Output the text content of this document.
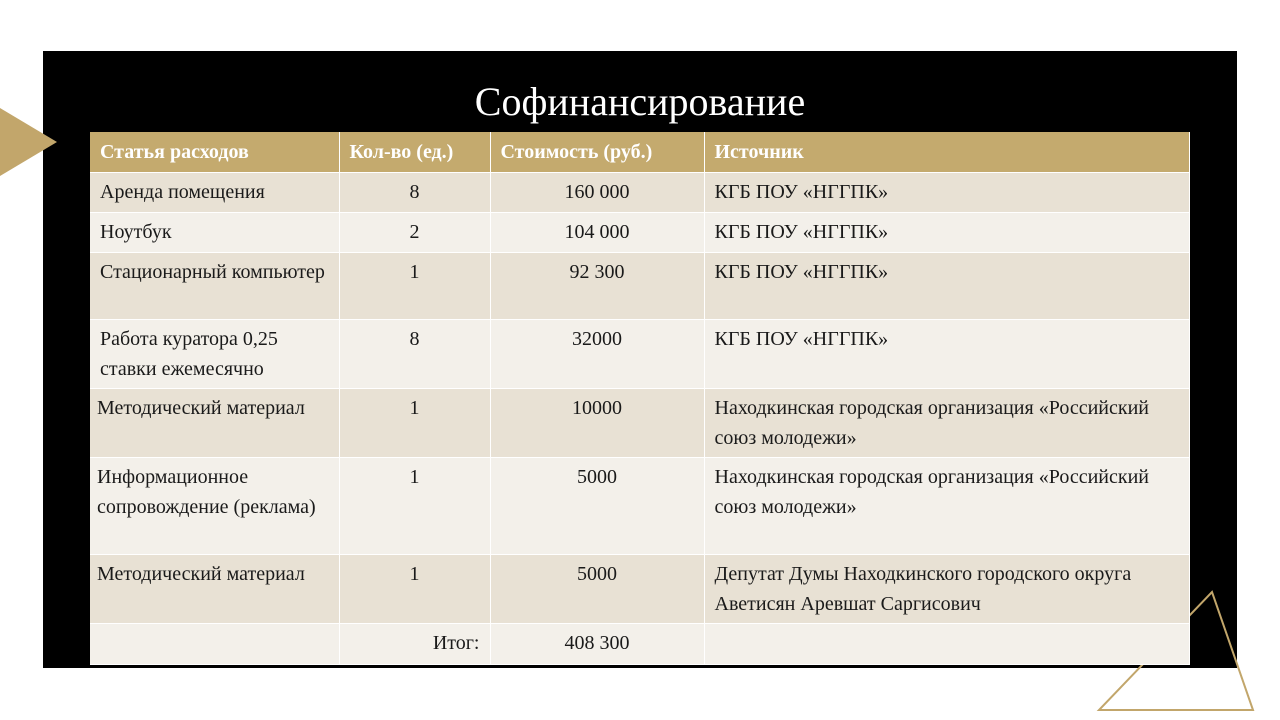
Софинансирование
Статья расходов	Кол-во (ед.)	Стоимость (руб.)	Источник
Аренда помещения	8	160 000	КГБ ПОУ «НГГПК»
Ноутбук	2	104 000	КГБ ПОУ «НГГПК»
Стационарный компьютер	1	92 300	КГБ ПОУ «НГГПК»
Работа куратора 0,25 ставки ежемесячно	8	32000	КГБ ПОУ «НГГПК»
Методический материал	1	10000	Находкинская городская организация «Российский союз молодежи»
Информационное сопровождение (реклама)	1	5000	Находкинская городская организация «Российский союз молодежи»
Методический материал	1	5000	Депутат Думы Находкинского городского округа Аветисян Аревшат Саргисович
	Итог:	408 300	
